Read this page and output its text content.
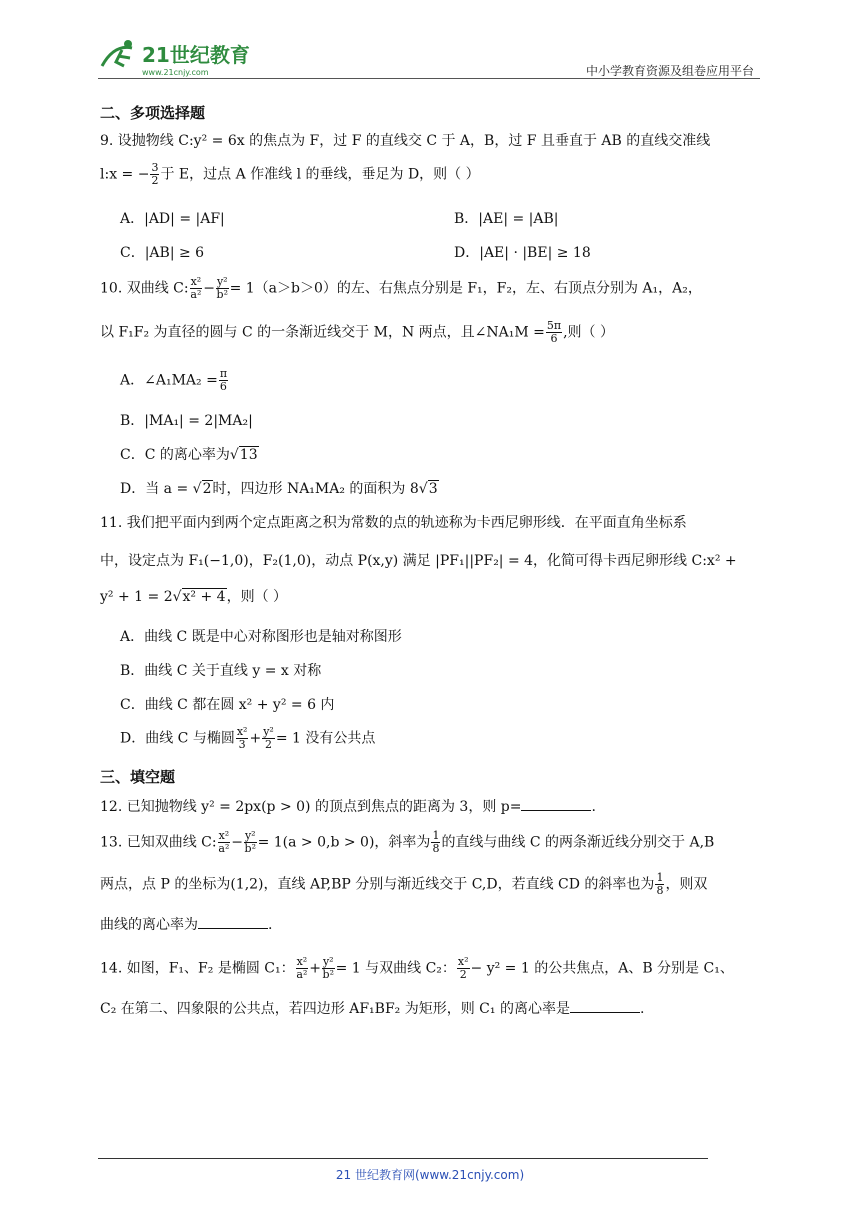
21世纪教育
www.21cnjy.com	中小学教育资源及组卷应用平台
二、多项选择题
9. 设抛物线 C:y² = 6x 的焦点为 F，过 F 的直线交 C 于 A，B，过 F 且垂直于 AB 的直线交准线
l:x = − $\frac{3}{2}$ 于 E，过点 A 作准线 l 的垂线，垂足为 D，则（ ）
A．|AD| = |AF|	B．|AE| = |AB|
C．|AB| ≥ 6	D．|AE| · |BE| ≥ 18
10. 双曲线 C: $\frac{\text{x²}}{\text{a²}} - \frac{\text{y²}}{\text{b²}} = 1(a>b>0)$的左、右焦点分别是 F₁，F₂，左、右顶点分别为 A₁，A₂，
以 F₁F₂ 为直径的圆与 C 的一条渐近线交于 M，N 两点，且∠NA₁M = $\frac{5\pi}{6}$ ,则（ ）
A．∠A₁MA₂ = $\frac{\pi}{6}$
B．|MA₁| = 2|MA₂|
C．C 的离心率为√13
D．当 a = √2时，四边形 NA₁MA₂ 的面积为 8√3
11. 我们把平面内到两个定点距离之积为常数的点的轨迹称为卡西尼卵形线．在平面直角坐标系
中，设定点为 F₁(−1,0)，F₂(1,0)，动点 P(x,y) 满足 |PF₁||PF₂| = 4，化简可得卡西尼卵形线 C:x² +
y² + 1 = 2√x² + 4，则（ ）
A．曲线 C 既是中心对称图形也是轴对称图形
B．曲线 C 关于直线 y = x 对称
C．曲线 C 都在圆 x² + y² = 6 内
D．曲线 C 与椭圆 $\frac{\text{x²}}{3} + \frac{\text{y²}}{2} = 1$ 没有公共点
三、填空题
12. 已知抛物线 y² = 2px(p > 0) 的顶点到焦点的距离为 3，则 p=	.
13. 已知双曲线 C: $\frac{\text{x²}}{\text{a²}} - \frac{\text{y²}}{\text{b²}} = 1(a > 0,b > 0)$，斜率为 $\frac{1}{8}$ 的直线与曲线 C 的两条渐近线分别交于 A,B
两点，点 P 的坐标为(1,2)，直线 AP,BP 分别与渐近线交于 C,D，若直线 CD 的斜率也为 $\frac{1}{8}$ ，则双
曲线的离心率为	.
14. 如图，F₁、F₂ 是椭圆 C₁： $\frac{\text{x²}}{\text{a²}} + \frac{\text{y²}}{\text{b²}} = 1$ 与双曲线 C₂： $\frac{\text{x²}}{2} - y^2 = 1$ 的公共焦点，A、B 分别是 C₁、
C₂ 在第二、四象限的公共点，若四边形 AF₁BF₂ 为矩形，则 C₁ 的离心率是	.
21 世纪教育网(www.21cnjy.com)
